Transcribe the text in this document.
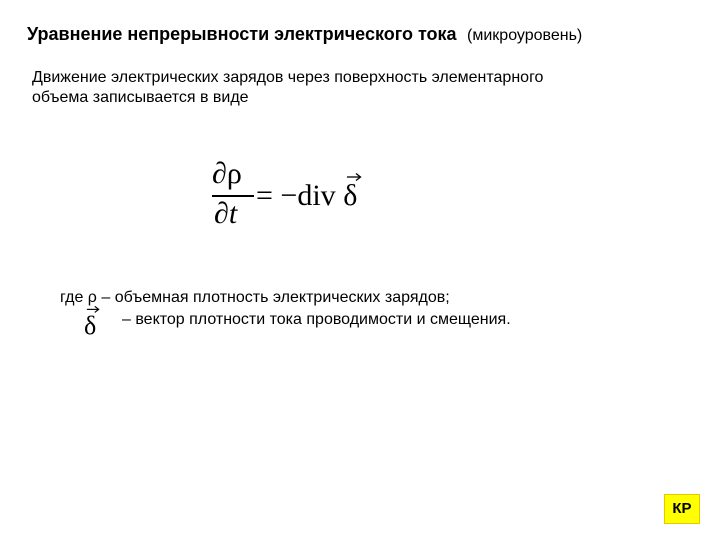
Уравнение непрерывности электрического тока (микроуровень)
Движение электрических зарядов через поверхность элементарного
объема записывается в виде
∂ρ
∂t
= −div
δ
где ρ – объемная плотность электрических зарядов;
δ – вектор плотности тока проводимости и смещения.
КР
